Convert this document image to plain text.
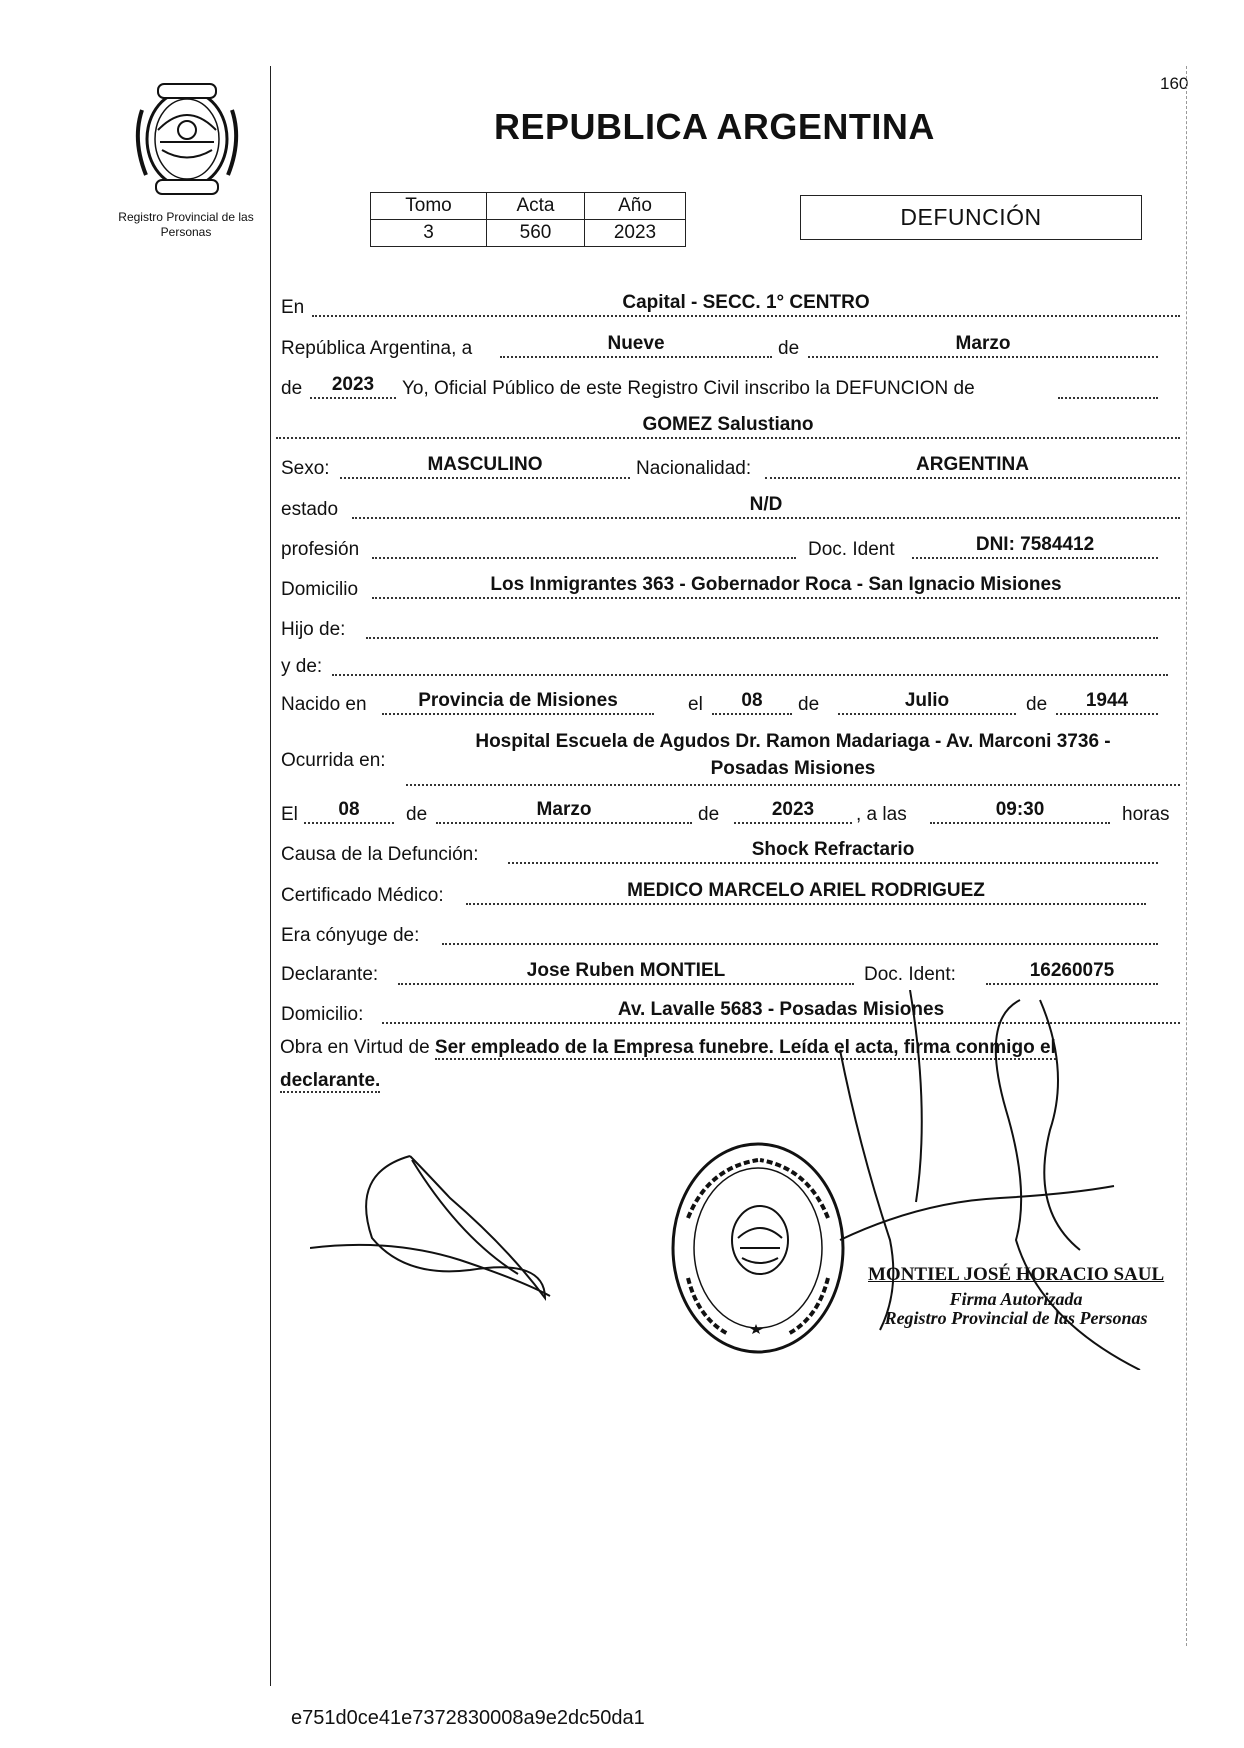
160
Registro Provincial de las Personas
REPUBLICA ARGENTINA
Tomo	Acta	Año
3	560	2023
DEFUNCIÓN
En	Capital - SECC. 1° CENTRO
República Argentina, a	Nueve	de	Marzo
de	2023	Yo, Oficial Público de este Registro Civil inscribo la DEFUNCION de
GOMEZ Salustiano
Sexo:	MASCULINO	Nacionalidad:	ARGENTINA
estado	N/D
profesión	Doc. Ident	DNI: 7584412
Domicilio	Los Inmigrantes 363 - Gobernador Roca - San Ignacio Misiones
Hijo de:
y de:
Nacido en	Provincia de Misiones	el	08	de	Julio	de	1944
Ocurrida en:
Hospital Escuela de Agudos Dr. Ramon Madariaga - Av. Marconi 3736 -
Posadas Misiones
El	08	de	Marzo	de	2023	, a las	09:30	horas
Causa de la Defunción:	Shock Refractario
Certificado Médico:	MEDICO MARCELO ARIEL RODRIGUEZ
Era cónyuge de:
Declarante:	Jose Ruben MONTIEL	Doc. Ident:	16260075
Domicilio:	Av. Lavalle 5683 - Posadas Misiones
Obra en Virtud de Ser empleado de la Empresa funebre. Leída el acta, firma conmigo el
declarante.
MONTIEL JOSÉ HORACIO SAUL
Firma Autorizada
Registro Provincial de las Personas
e751d0ce41e7372830008a9e2dc50da1
